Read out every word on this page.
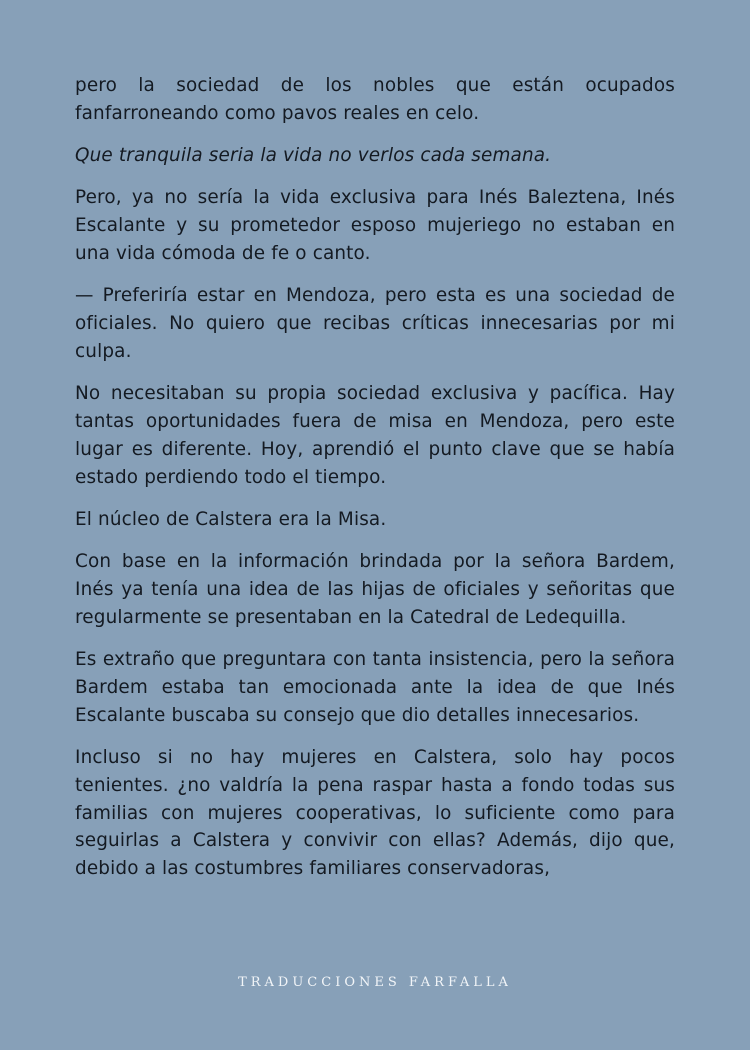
pero la sociedad de los nobles que están ocupados fanfarroneando como pavos reales en celo.

Que tranquila seria la vida no verlos cada semana.

Pero, ya no sería la vida exclusiva para Inés Baleztena, Inés Escalante y su prometedor esposo mujeriego no estaban en una vida cómoda de fe o canto.

— Preferiría estar en Mendoza, pero esta es una sociedad de oficiales. No quiero que recibas críticas innecesarias por mi culpa.

No necesitaban su propia sociedad exclusiva y pacífica. Hay tantas oportunidades fuera de misa en Mendoza, pero este lugar es diferente. Hoy, aprendió el punto clave que se había estado perdiendo todo el tiempo.

El núcleo de Calstera era la Misa.

Con base en la información brindada por la señora Bardem, Inés ya tenía una idea de las hijas de oficiales y señoritas que regularmente se presentaban en la Catedral de Ledequilla.

Es extraño que preguntara con tanta insistencia, pero la señora Bardem estaba tan emocionada ante la idea de que Inés Escalante buscaba su consejo que dio detalles innecesarios.

Incluso si no hay mujeres en Calstera, solo hay pocos tenientes. ¿no valdría la pena raspar hasta a fondo todas sus familias con mujeres cooperativas, lo suficiente como para seguirlas a Calstera y convivir con ellas? Además, dijo que, debido a las costumbres familiares conservadoras,

TRADUCCIONES FARFALLA
